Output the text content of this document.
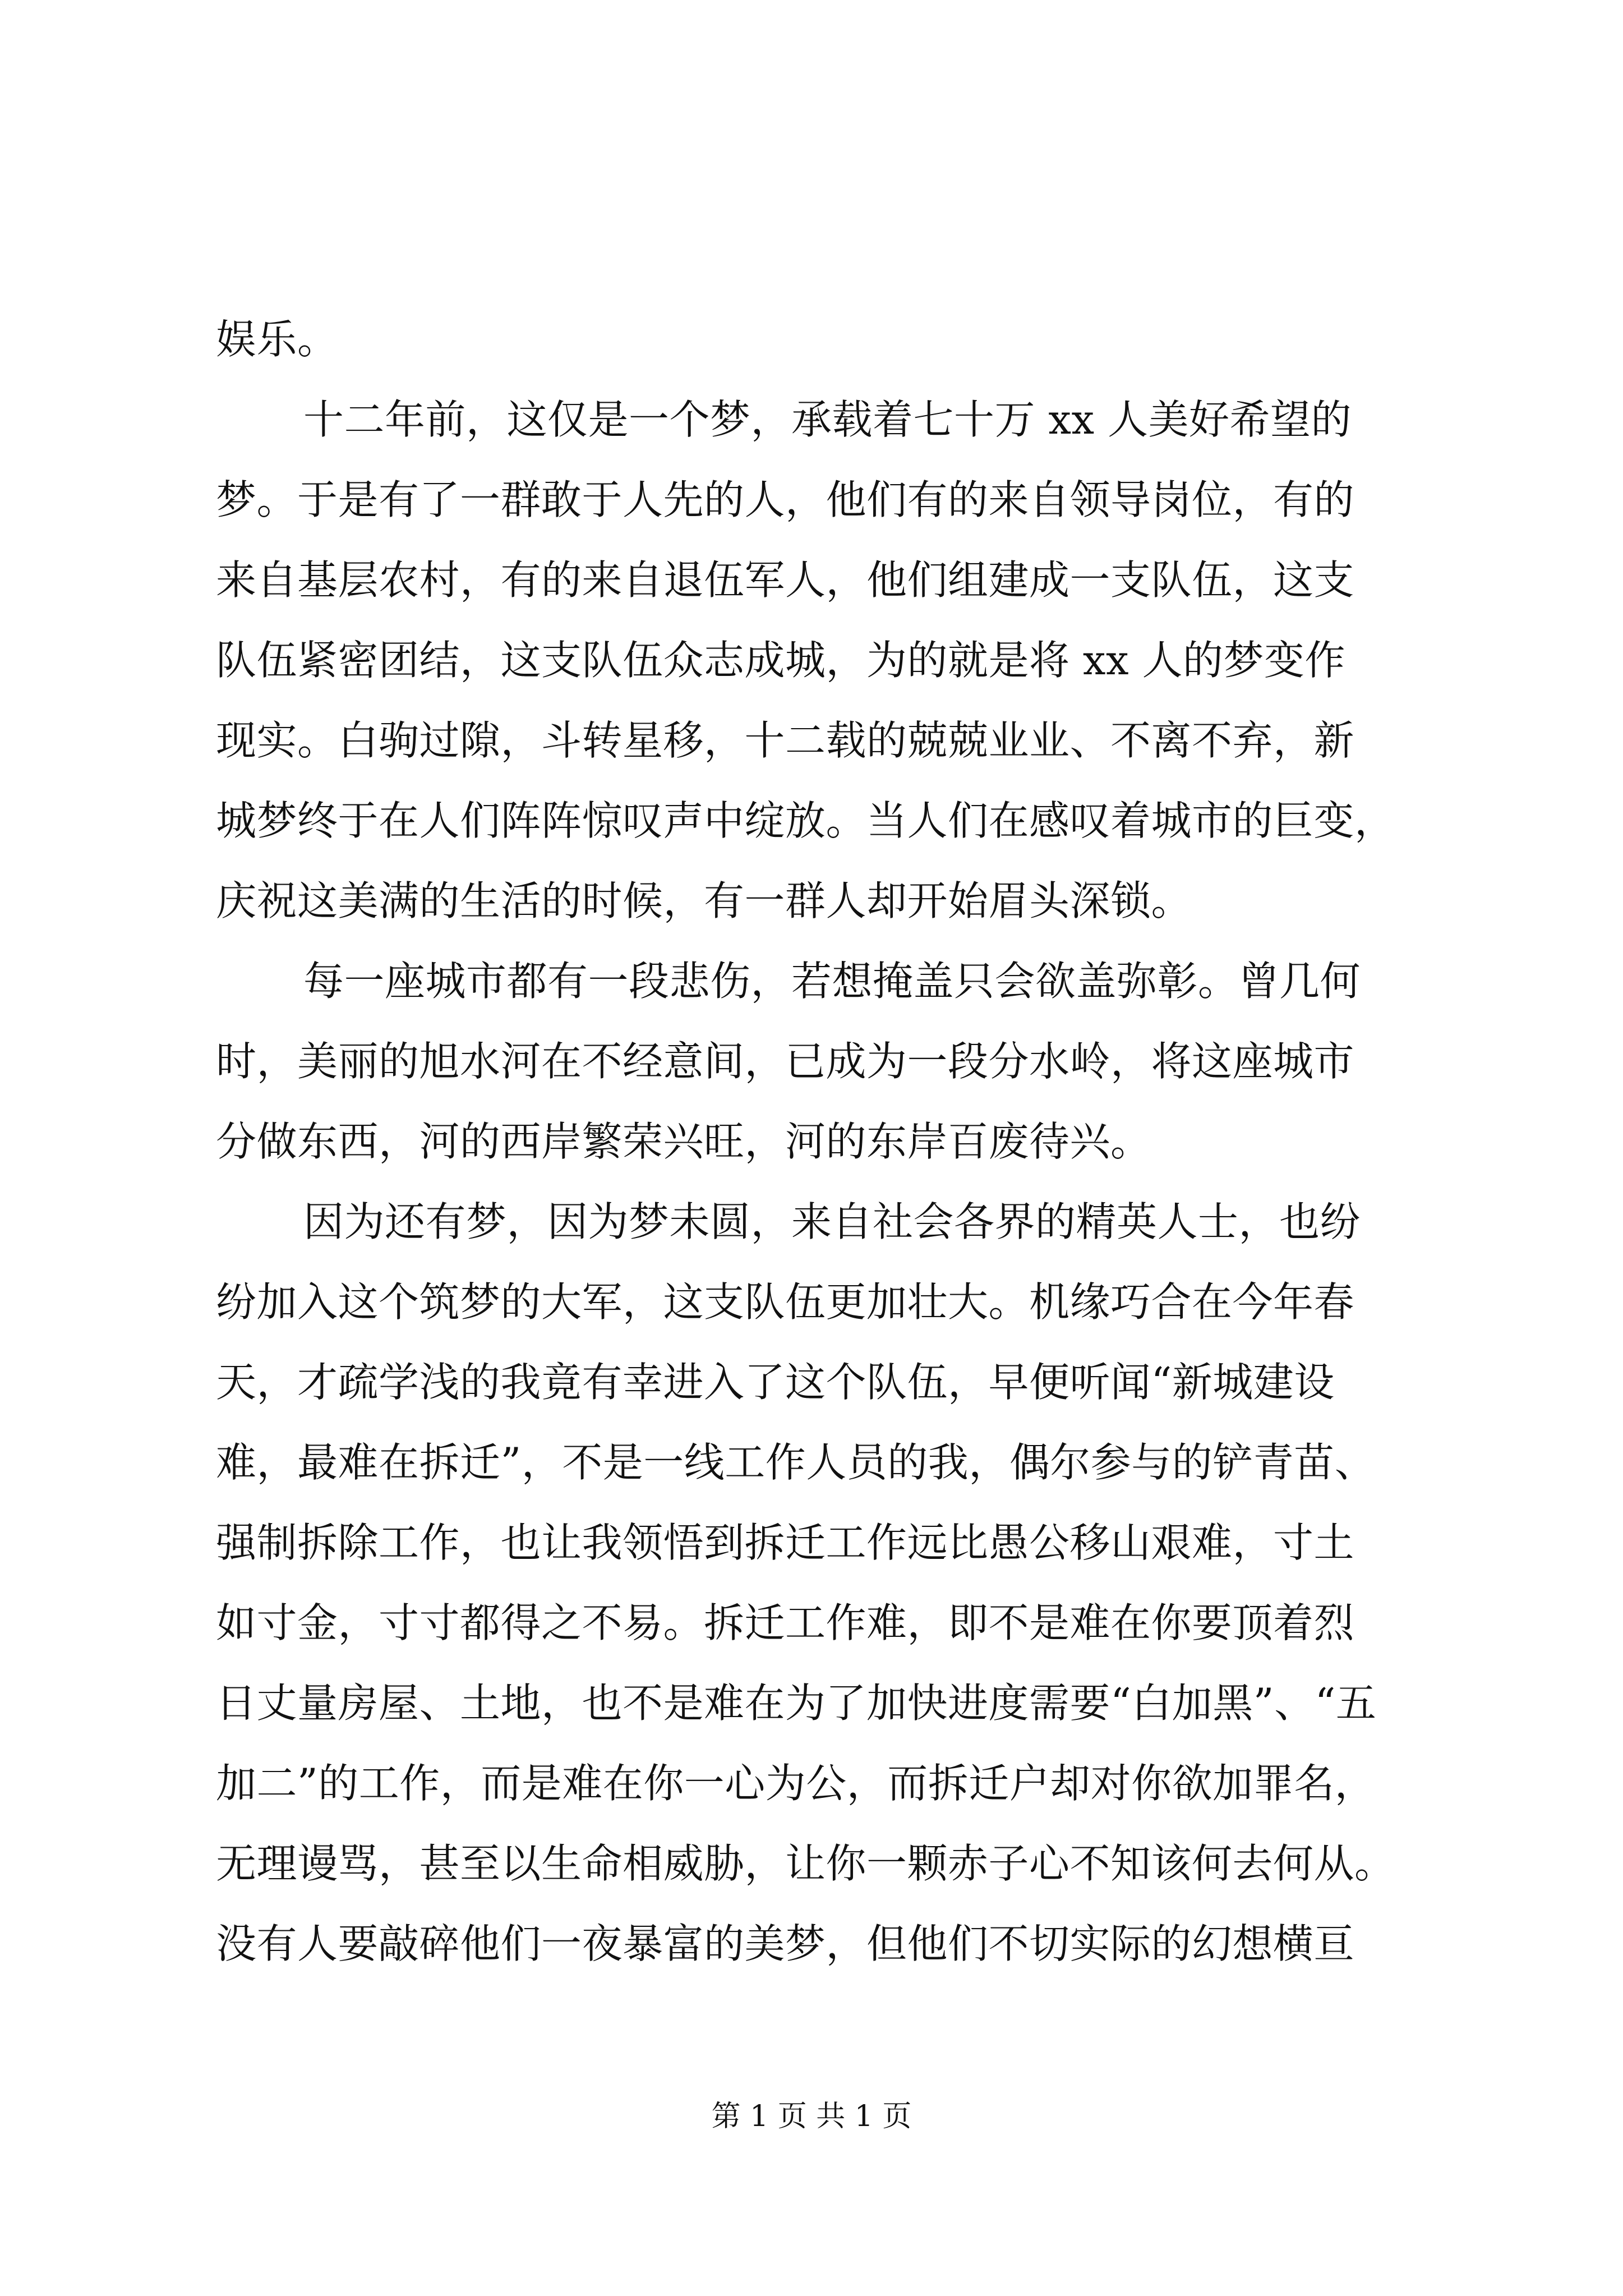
娱乐。
十二年前，这仅是一个梦，承载着七十万 xx 人美好希望的
梦。于是有了一群敢于人先的人，他们有的来自领导岗位，有的
来自基层农村，有的来自退伍军人，他们组建成一支队伍，这支
队伍紧密团结，这支队伍众志成城，为的就是将 xx 人的梦变作
现实。白驹过隙，斗转星移，十二载的兢兢业业、不离不弃，新
城梦终于在人们阵阵惊叹声中绽放。当人们在感叹着城市的巨变，
庆祝这美满的生活的时候，有一群人却开始眉头深锁。
每一座城市都有一段悲伤，若想掩盖只会欲盖弥彰。曾几何
时，美丽的旭水河在不经意间，已成为一段分水岭，将这座城市
分做东西，河的西岸繁荣兴旺，河的东岸百废待兴。
因为还有梦，因为梦未圆，来自社会各界的精英人士，也纷
纷加入这个筑梦的大军，这支队伍更加壮大。机缘巧合在今年春
天，才疏学浅的我竟有幸进入了这个队伍，早便听闻“新城建设
难，最难在拆迁”，不是一线工作人员的我，偶尔参与的铲青苗、
强制拆除工作，也让我领悟到拆迁工作远比愚公移山艰难，寸土
如寸金，寸寸都得之不易。拆迁工作难，即不是难在你要顶着烈
日丈量房屋、土地，也不是难在为了加快进度需要“白加黑”、“五
加二”的工作，而是难在你一心为公，而拆迁户却对你欲加罪名，
无理谩骂，甚至以生命相威胁，让你一颗赤子心不知该何去何从。
没有人要敲碎他们一夜暴富的美梦，但他们不切实际的幻想横亘
第 1 页 共 1 页
